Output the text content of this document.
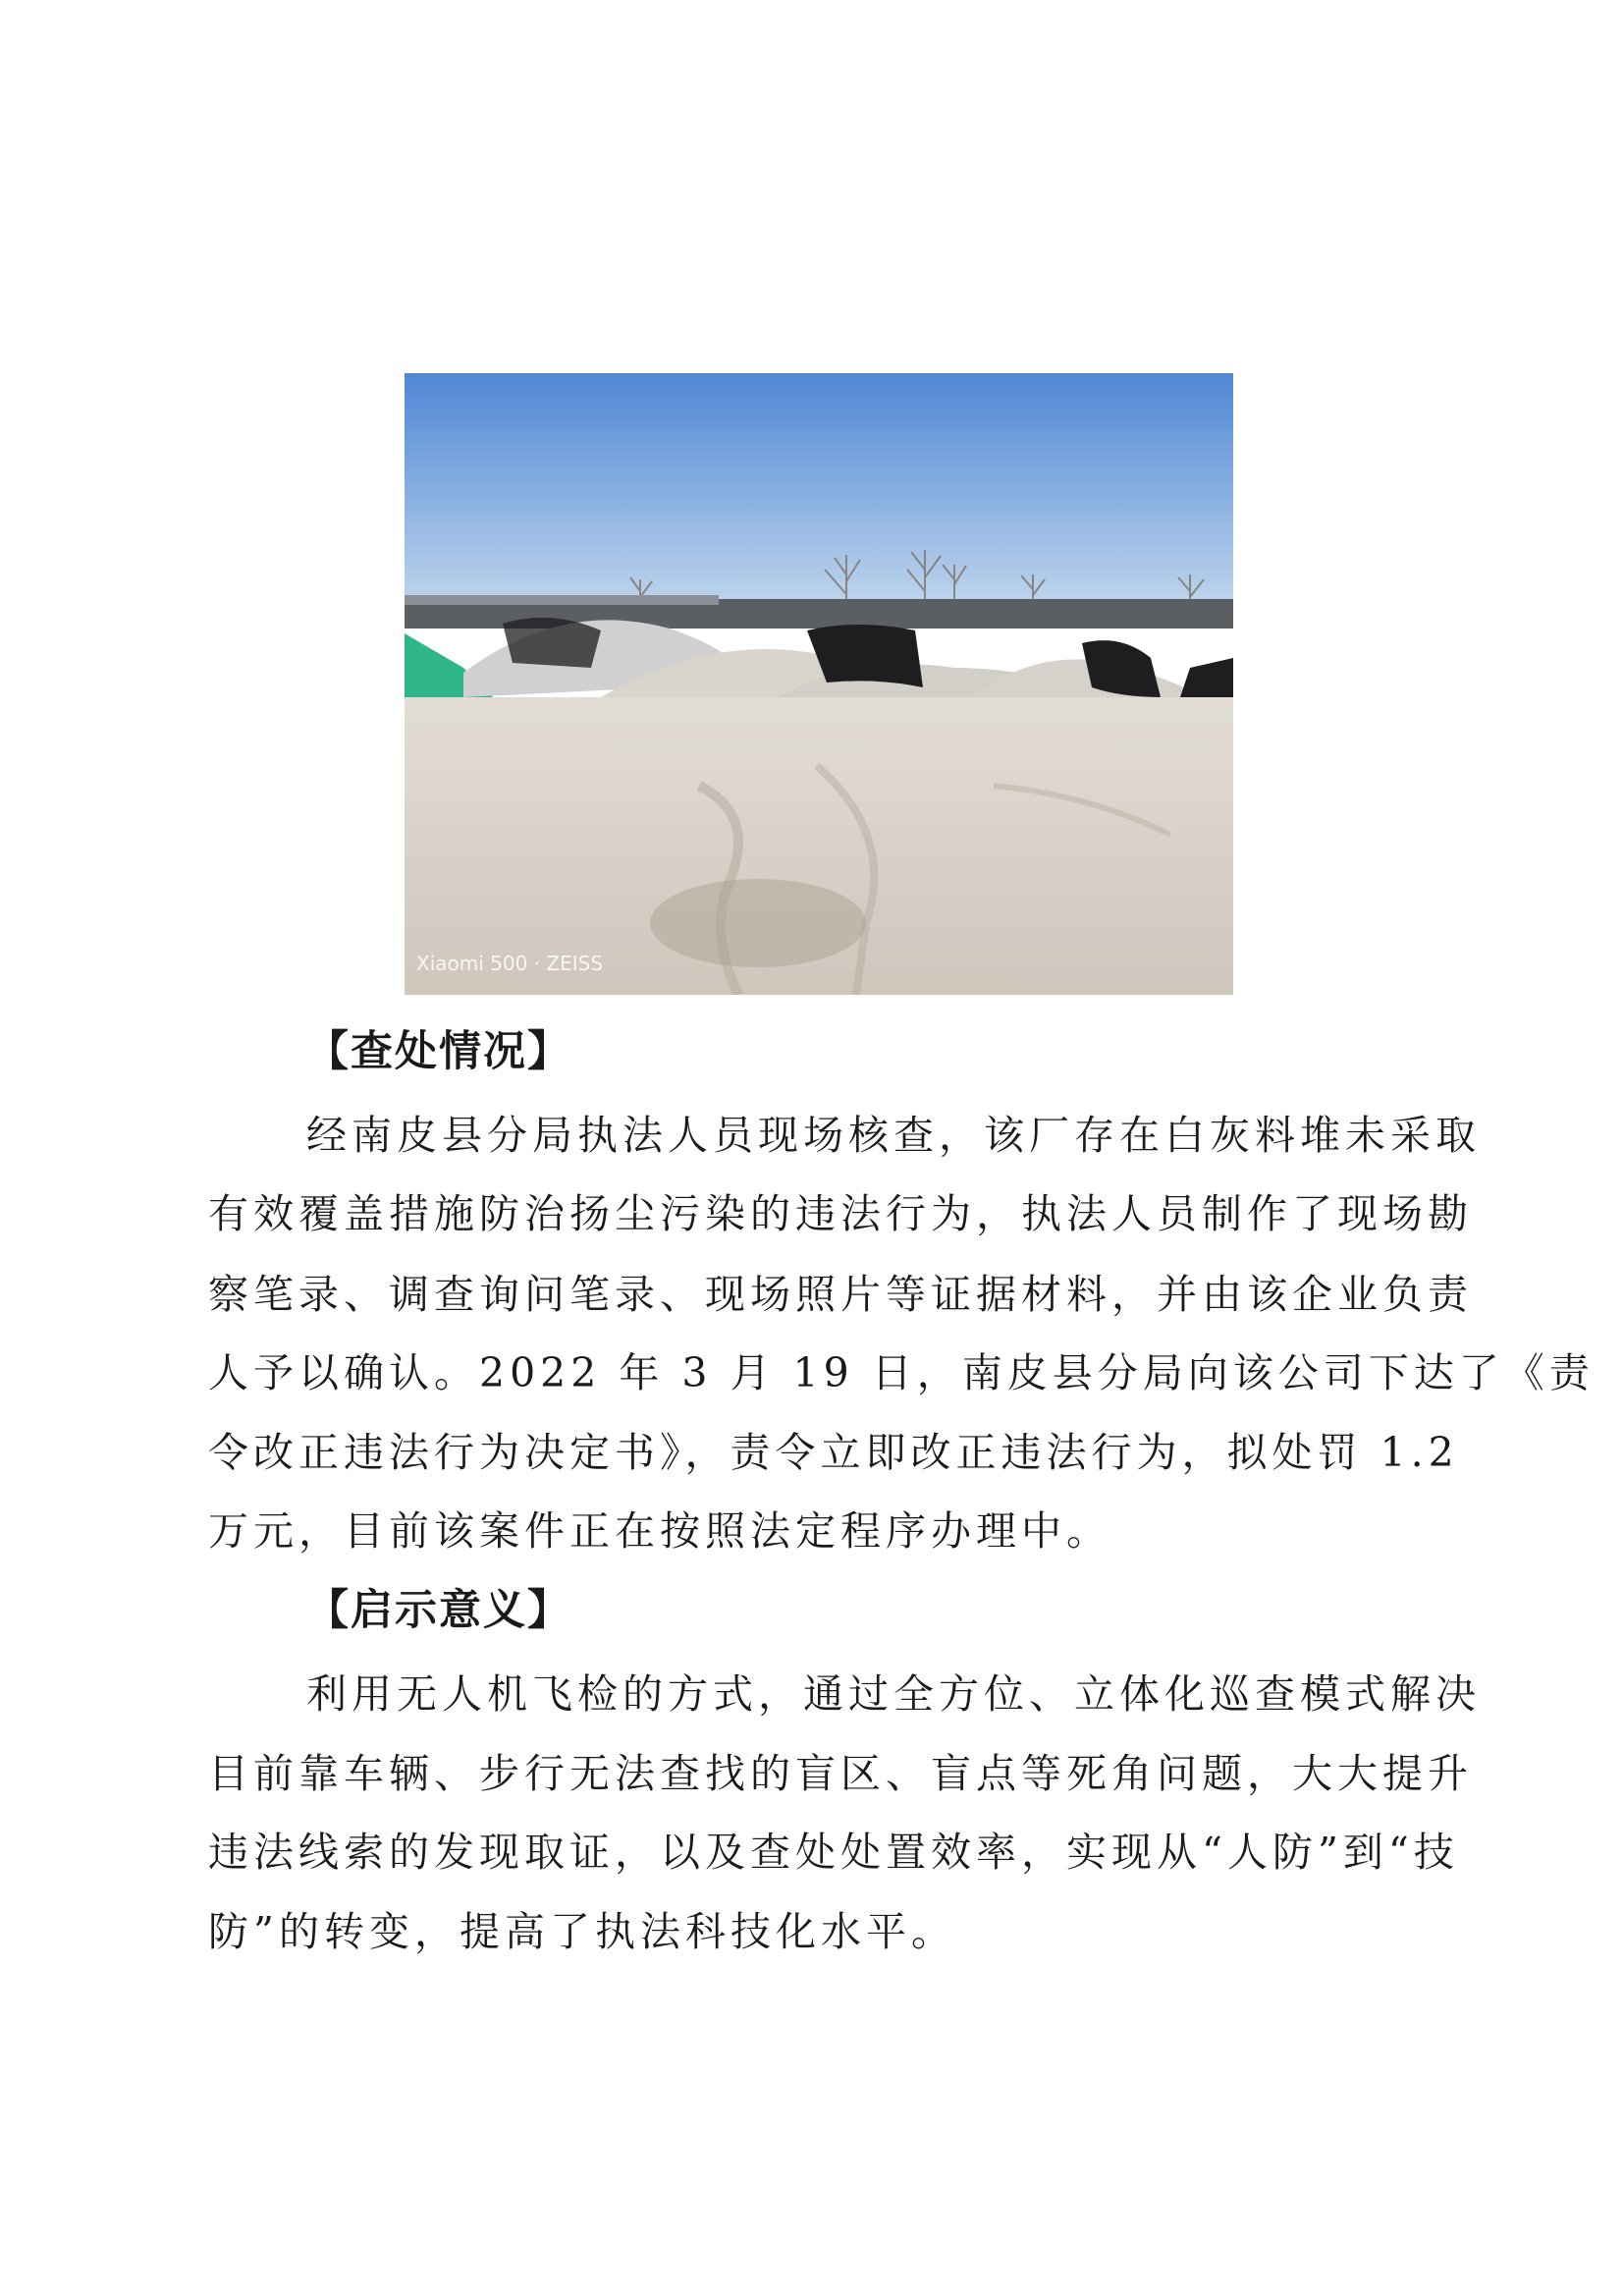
Xiaomi 500 · ZEISS
【查处情况】
经南皮县分局执法人员现场核查，该厂存在白灰料堆未采取
有效覆盖措施防治扬尘污染的违法行为，执法人员制作了现场勘
察笔录、调查询问笔录、现场照片等证据材料，并由该企业负责
人予以确认。2022 年 3 月 19 日，南皮县分局向该公司下达了《责
令改正违法行为决定书》，责令立即改正违法行为，拟处罚 1.2
万元，目前该案件正在按照法定程序办理中。
【启示意义】
利用无人机飞检的方式，通过全方位、立体化巡查模式解决
目前靠车辆、步行无法查找的盲区、盲点等死角问题，大大提升
违法线索的发现取证，以及查处处置效率，实现从“人防”到“技
防”的转变，提高了执法科技化水平。
